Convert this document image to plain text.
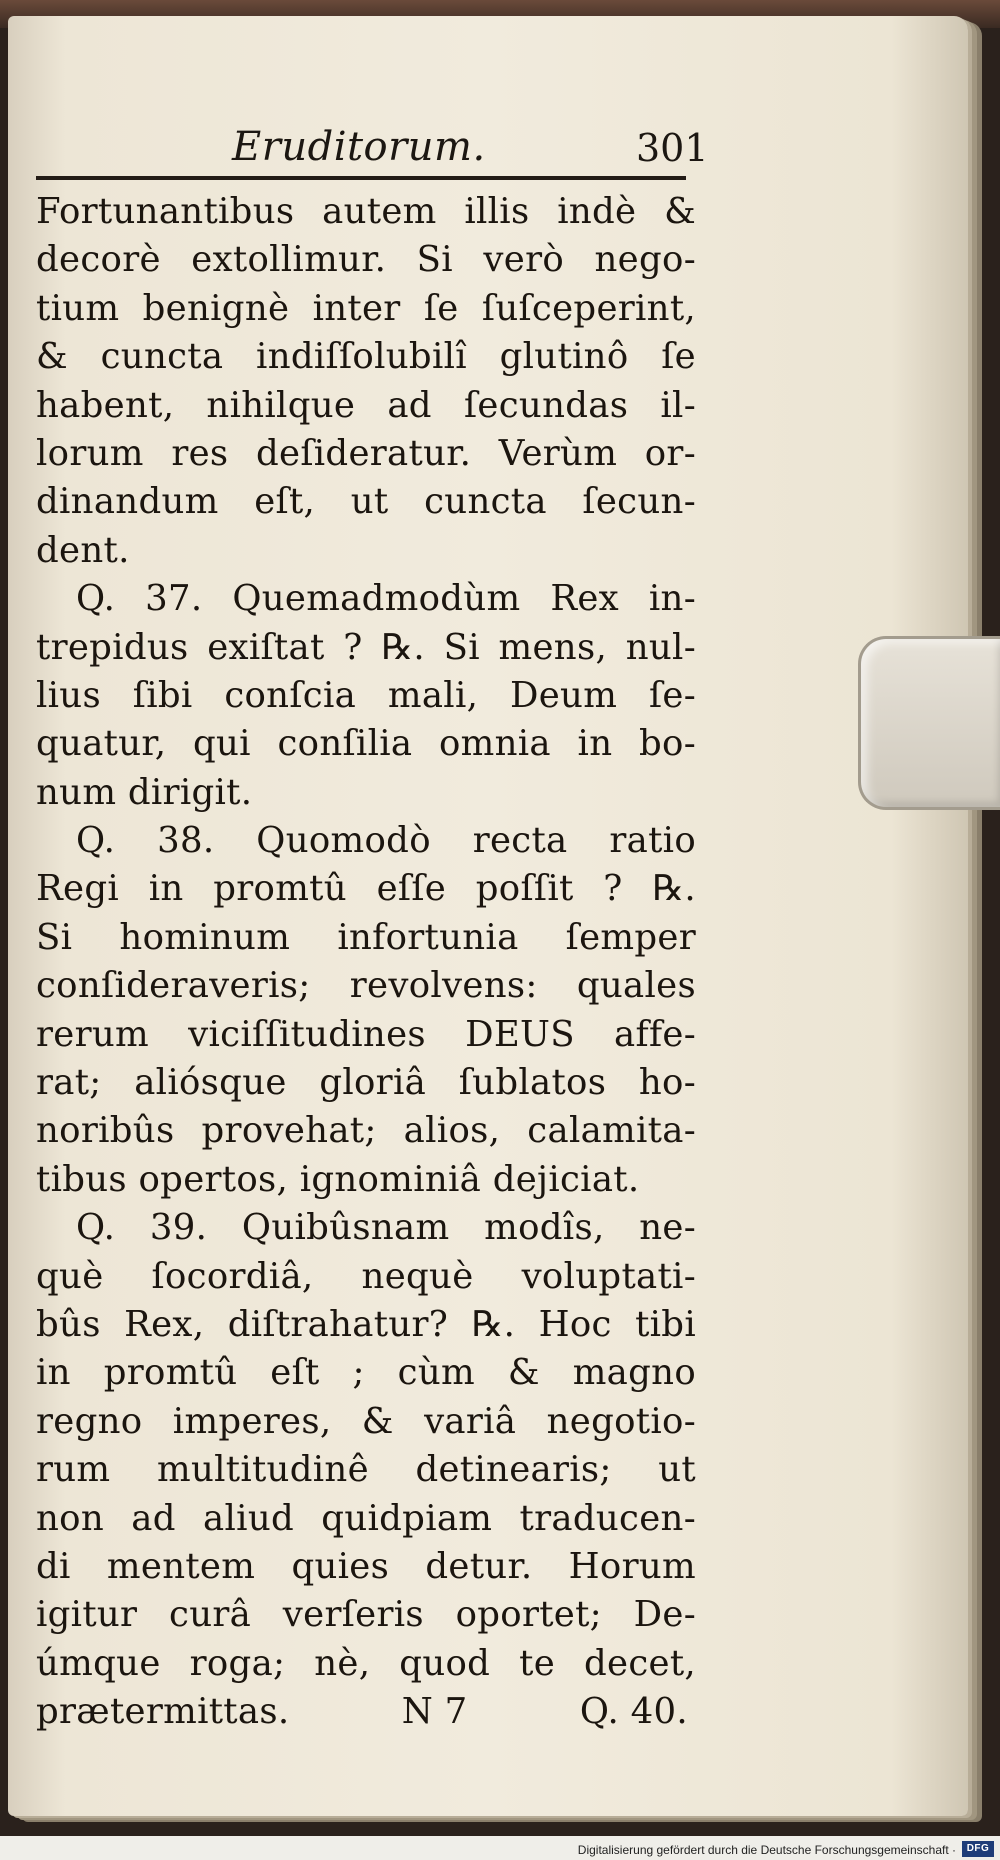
Eruditorum.	301
Fortunantibus autem illis indè &
decorè extollimur. Si verò nego-
tium benignè inter ſe ſuſceperint,
& cuncta indiſſolubilî glutinô ſe
habent, nihilque ad ſecundas il-
lorum res deſideratur. Verùm or-
dinandum eſt, ut cuncta ſecun-
dent.
Q. 37. Quemadmodùm Rex in-
trepidus exiſtat ? ℞. Si mens, nul-
lius ſibi conſcia mali, Deum ſe-
quatur, qui conſilia omnia in bo-
num dirigit.
Q. 38. Quomodò recta ratio
Regi in promtû eſſe poſſit ? ℞.
Si hominum infortunia ſemper
conſideraveris; revolvens: quales
rerum viciſſitudines DEUS affe-
rat; aliósque gloriâ ſublatos ho-
noribûs provehat; alios, calamita-
tibus opertos, ignominiâ dejiciat.
Q. 39. Quibûsnam modîs, ne-
què ſocordiâ, nequè voluptati-
bûs Rex, diſtrahatur? ℞. Hoc tibi
in promtû eſt ; cùm & magno
regno imperes, & variâ negotio-
rum multitudinê detinearis; ut
non ad aliud quidpiam traducen-
di mentem quies detur. Horum
igitur curâ verſeris oportet; De-
úmque roga; nè, quod te decet,
prætermittas.	N 7	Q. 40.
Digitalisierung gefördert durch die Deutsche Forschungsgemeinschaft ·	DFG
